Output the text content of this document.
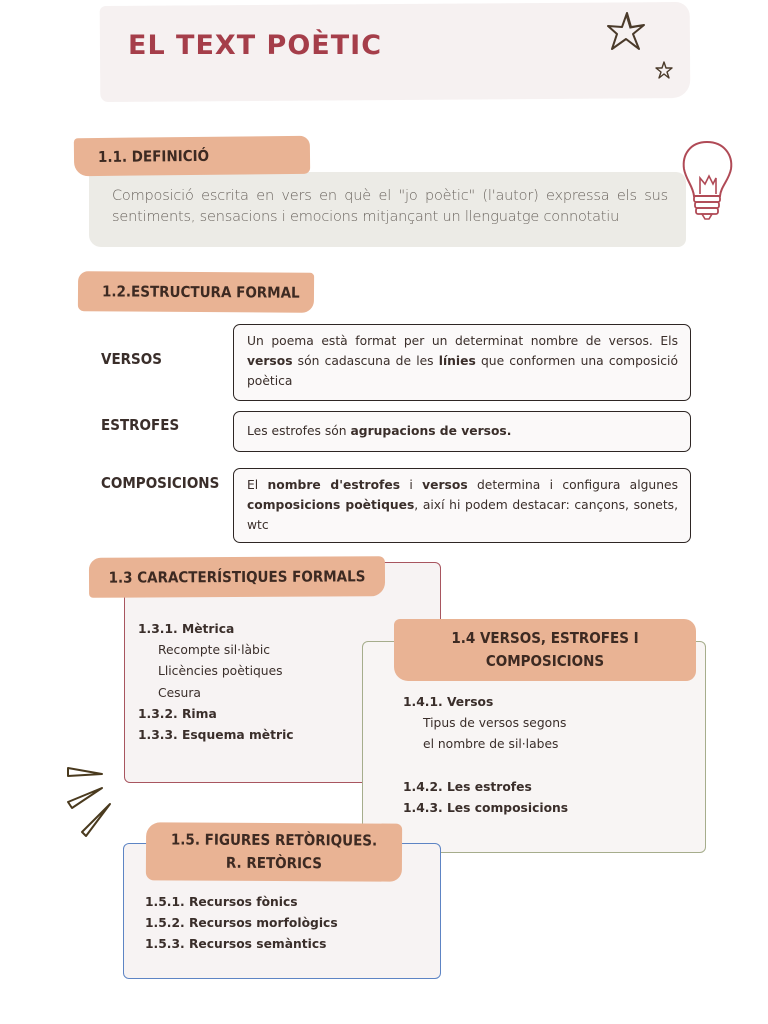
EL TEXT POÈTIC
1.1. DEFINICIÓ
Composició escrita en vers en què el "jo poètic" (l'autor) expressa els sus sentiments, sensacions i emocions mitjançant un llenguatge connotatiu
1.2.ESTRUCTURA FORMAL
VERSOS
Un poema està format per un determinat nombre de versos. Els versos són cadascuna de les línies que conformen una composició poètica
ESTROFES	Les estrofes són agrupacions de versos.
COMPOSICIONS	El nombre d'estrofes i versos determina i configura algunes composicions poètiques, així hi podem destacar: cançons, sonets, wtc
1.3 CARACTERÍSTIQUES FORMALS
1.3.1. Mètrica
Recompte sil·làbic
Llicències poètiques
Cesura
1.3.2. Rima
1.3.3. Esquema mètric
1.4 VERSOS, ESTROFES I
COMPOSICIONS
1.4.1. Versos
Tipus de versos segons
el nombre de sil·labes
1.4.2. Les estrofes
1.4.3. Les composicions
1.5. FIGURES RETÒRIQUES.
R. RETÒRICS
1.5.1. Recursos fònics
1.5.2. Recursos morfològics
1.5.3. Recursos semàntics
